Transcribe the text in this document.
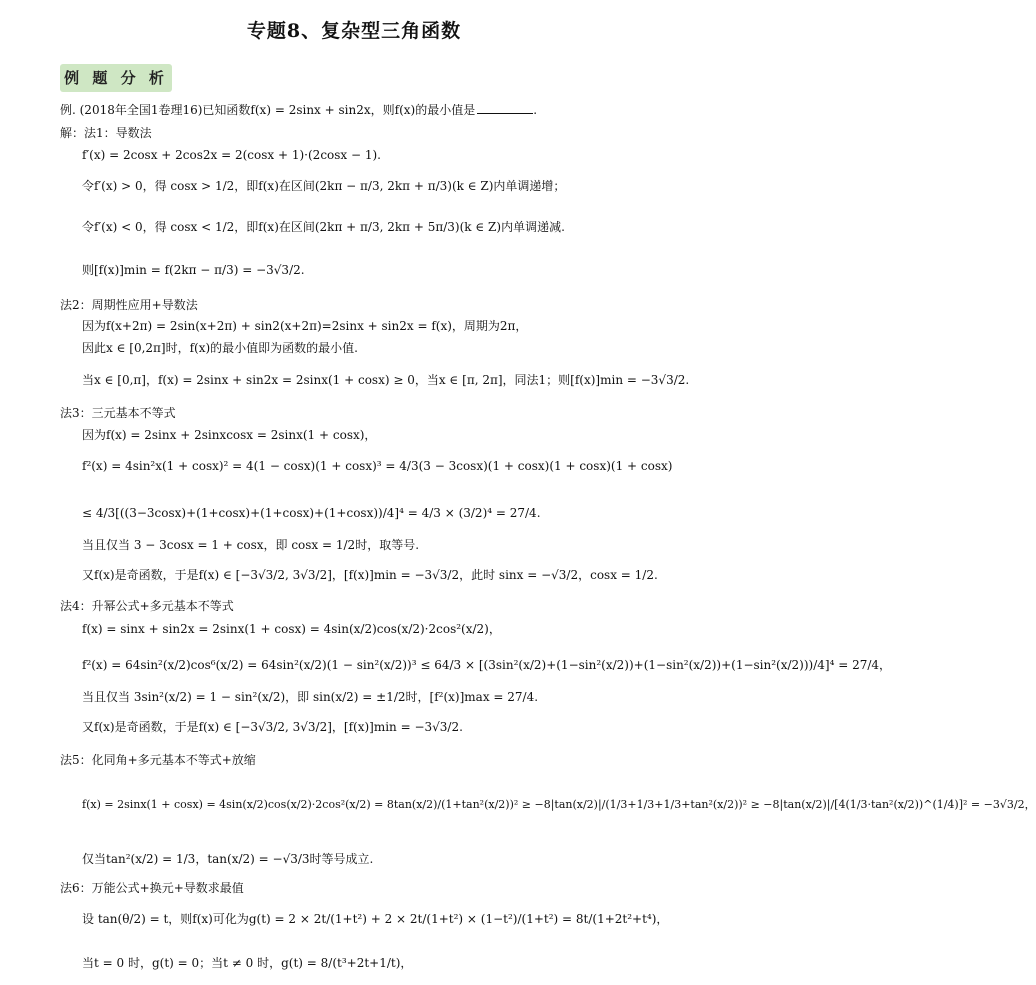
专题8、复杂型三角函数
例 题 分 析
例. (2018年全国1卷理16)已知函数f(x) = 2sinx + sin2x，则f(x)的最小值是	.
解：法1：导数法
f′(x) = 2cosx + 2cos2x = 2(cosx + 1)·(2cosx − 1).
令f′(x) > 0，得 cosx > 1/2，即f(x)在区间(2kπ − π/3, 2kπ + π/3)(k ∈ Z)内单调递增；
令f′(x) < 0，得 cosx < 1/2，即f(x)在区间(2kπ + π/3, 2kπ + 5π/3)(k ∈ Z)内单调递减.
则[f(x)]min = f(2kπ − π/3) = −3√3/2.
法2：周期性应用+导数法
因为f(x+2π) = 2sin(x+2π) + sin2(x+2π)=2sinx + sin2x = f(x)，周期为2π，
因此x ∈ [0,2π]时，f(x)的最小值即为函数的最小值.
当x ∈ [0,π]，f(x) = 2sinx + sin2x = 2sinx(1 + cosx) ≥ 0，当x ∈ [π, 2π]，同法1；则[f(x)]min = −3√3/2.
法3：三元基本不等式
因为f(x) = 2sinx + 2sinxcosx = 2sinx(1 + cosx)，
f²(x) = 4sin²x(1 + cosx)² = 4(1 − cosx)(1 + cosx)³ = 4/3(3 − 3cosx)(1 + cosx)(1 + cosx)(1 + cosx)
≤ 4/3[((3−3cosx)+(1+cosx)+(1+cosx)+(1+cosx))/4]⁴ = 4/3 × (3/2)⁴ = 27/4.
当且仅当 3 − 3cosx = 1 + cosx，即 cosx = 1/2时，取等号.
又f(x)是奇函数，于是f(x) ∈ [−3√3/2, 3√3/2]，[f(x)]min = −3√3/2，此时 sinx = −√3/2，cosx = 1/2.
法4：升幂公式+多元基本不等式
f(x) = sinx + sin2x = 2sinx(1 + cosx) = 4sin(x/2)cos(x/2)·2cos²(x/2)，
f²(x) = 64sin²(x/2)cos⁶(x/2) = 64sin²(x/2)(1 − sin²(x/2))³ ≤ 64/3 × [(3sin²(x/2)+(1−sin²(x/2))+(1−sin²(x/2))+(1−sin²(x/2)))/4]⁴ = 27/4，
当且仅当 3sin²(x/2) = 1 − sin²(x/2)，即 sin(x/2) = ±1/2时，[f²(x)]max = 27/4.
又f(x)是奇函数，于是f(x) ∈ [−3√3/2, 3√3/2]，[f(x)]min = −3√3/2.
法5：化同角+多元基本不等式+放缩
f(x) = 2sinx(1 + cosx) = 4sin(x/2)cos(x/2)·2cos²(x/2) = 8tan(x/2)/(1+tan²(x/2))² ≥ −8|tan(x/2)|/(1/3+1/3+1/3+tan²(x/2))² ≥ −8|tan(x/2)|/[4(1/3·tan²(x/2))^(1/4)]² = −3√3/2，
仅当tan²(x/2) = 1/3，tan(x/2) = −√3/3时等号成立.
法6：万能公式+换元+导数求最值
设 tan(θ/2) = t，则f(x)可化为g(t) = 2 × 2t/(1+t²) + 2 × 2t/(1+t²) × (1−t²)/(1+t²) = 8t/(1+2t²+t⁴)，
当t = 0 时，g(t) = 0；当t ≠ 0 时，g(t) = 8/(t³+2t+1/t)，
